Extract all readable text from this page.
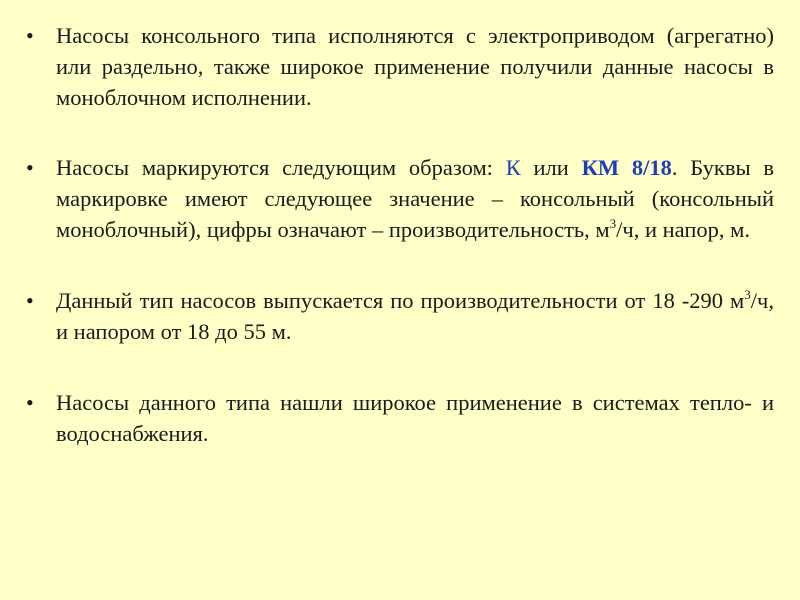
• Насосы консольного типа исполняются с электроприводом (агрегатно) или раздельно, также широкое применение получили данные насосы в моноблочном исполнении.
• Насосы маркируются следующим образом: К или КМ 8/18. Буквы в маркировке имеют следующее значение – консольный (консольный моноблочный), цифры означают – производительность, $м^3/ч$, и напор, м.
• Данный тип насосов выпускается по производительности от 18 -290 $м^3/ч$, и напором от 18 до 55 м.
• Насосы данного типа нашли широкое применение в системах тепло- и водоснабжения.
